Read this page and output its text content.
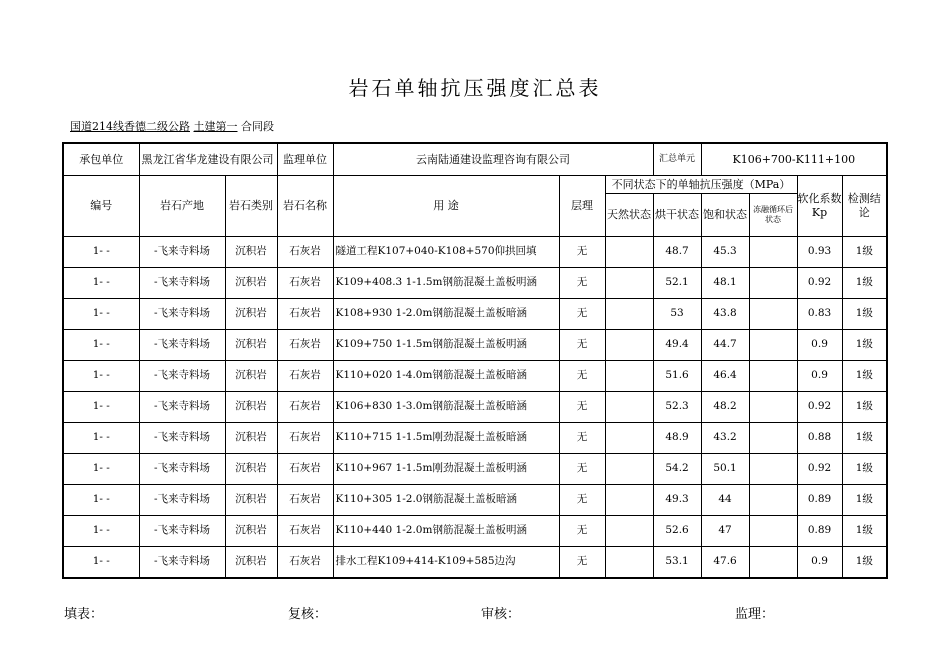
岩石单轴抗压强度汇总表
国道214线香德二级公路 土建第一 合同段
承包单位	黑龙江省华龙建设有限公司		监理单位	云南陆通建设监理咨询有限公司			汇总单元	K106+700-K111+100			
编号	岩石产地	岩石类别	岩石名称	用 途	层理	不同状态下的单轴抗压强度（MPa）				软化系数Kp	检测结论
						天然状态	烘干状态	饱和状态	冻融循环后状态		
1- -	-飞来寺料场	沉积岩	石灰岩	隧道工程K107+040-K108+570仰拱回填	无		48.7	45.3		0.93	1级
1- -	-飞来寺料场	沉积岩	石灰岩	K109+408.3 1-1.5m钢筋混凝土盖板明涵	无		52.1	48.1		0.92	1级
1- -	-飞来寺料场	沉积岩	石灰岩	K108+930 1-2.0m钢筋混凝土盖板暗涵	无		53	43.8		0.83	1级
1- -	-飞来寺料场	沉积岩	石灰岩	K109+750 1-1.5m钢筋混凝土盖板明涵	无		49.4	44.7		0.9	1级
1- -	-飞来寺料场	沉积岩	石灰岩	K110+020 1-4.0m钢筋混凝土盖板暗涵	无		51.6	46.4		0.9	1级
1- -	-飞来寺料场	沉积岩	石灰岩	K106+830 1-3.0m钢筋混凝土盖板暗涵	无		52.3	48.2		0.92	1级
1- -	-飞来寺料场	沉积岩	石灰岩	K110+715 1-1.5m刚劲混凝土盖板暗涵	无		48.9	43.2		0.88	1级
1- -	-飞来寺料场	沉积岩	石灰岩	K110+967 1-1.5m刚劲混凝土盖板明涵	无		54.2	50.1		0.92	1级
1- -	-飞来寺料场	沉积岩	石灰岩	K110+305 1-2.0钢筋混凝土盖板暗涵	无		49.3	44		0.89	1级
1- -	-飞来寺料场	沉积岩	石灰岩	K110+440 1-2.0m钢筋混凝土盖板明涵	无		52.6	47		0.89	1级
1- -	-飞来寺料场	沉积岩	石灰岩	排水工程K109+414-K109+585边沟	无		53.1	47.6		0.9	1级
填表：	复核：	审核：	监理：
